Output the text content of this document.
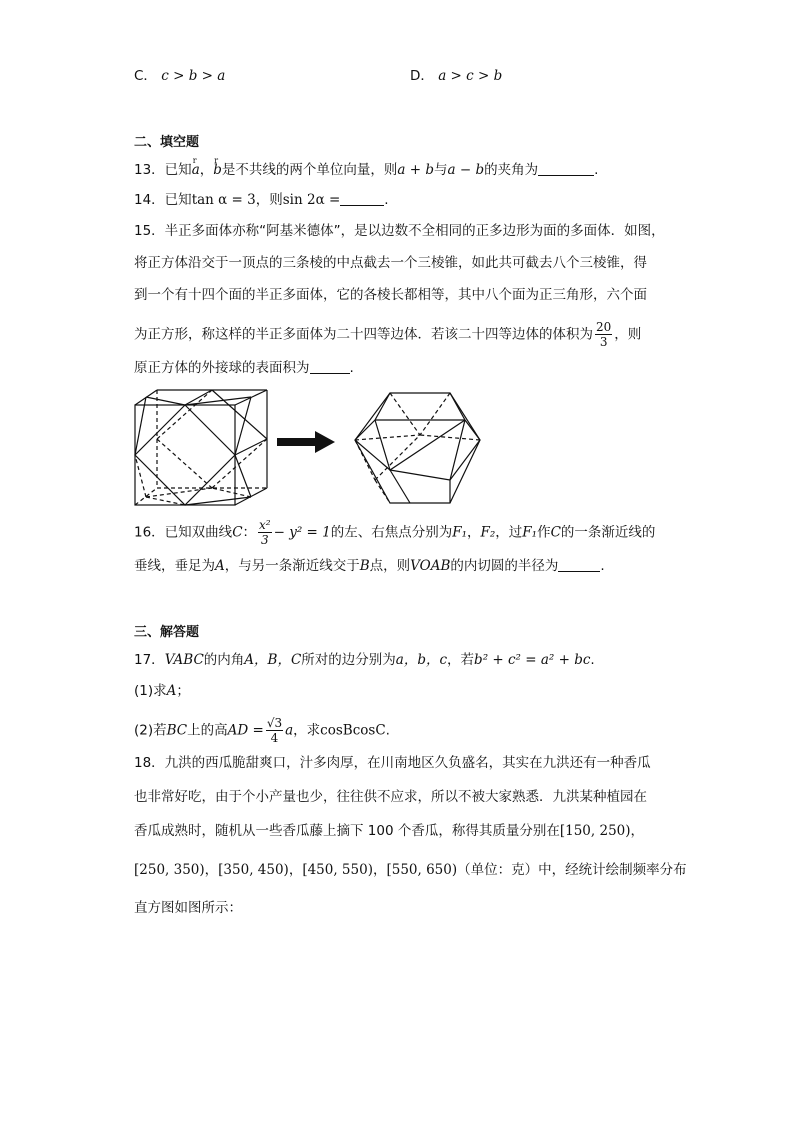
C． c > b > a	D． a > c > b
二、填空题
13．已知r a，r b是不共线的两个单位向量，则a + b与a − b的夹角为	.
14．已知tan α = 3，则sin 2α =	.
15．半正多面体亦称“阿基米德体”，是以边数不全相同的正多边形为面的多面体．如图，
将正方体沿交于一顶点的三条棱的中点截去一个三棱锥，如此共可截去八个三棱锥，得
到一个有十四个面的半正多面体，它的各棱长都相等，其中八个面为正三角形，六个面
为正方形，称这样的半正多面体为二十四等边体．若该二十四等边体的体积为 $\frac{20}{3}$ ，则
原正方体的外接球的表面积为	.
16．已知双曲线C： $\frac{\text{x²}}{3} - y^2 = 1$的左、右焦点分别为F₁，F₂，过F₁作C的一条渐近线的
垂线，垂足为A，与另一条渐近线交于B点，则VOAB的内切圆的半径为	.
三、解答题
17．VABC的内角A，B，C所对的边分别为a，b，c，若b² + c² = a² + bc.
(1)求A；
(2)若BC上的高AD = $\frac{√3}{4}$ a，求cosBcosC.
18．九洪的西瓜脆甜爽口，汁多肉厚，在川南地区久负盛名，其实在九洪还有一种香瓜
也非常好吃，由于个小产量也少，往往供不应求，所以不被大家熟悉．九洪某种植园在
香瓜成熟时，随机从一些香瓜藤上摘下 100 个香瓜，称得其质量分别在[150, 250)，
[250, 350)，[350, 450)，[450, 550)，[550, 650)（单位：克）中，经统计绘制频率分布
直方图如图所示：
